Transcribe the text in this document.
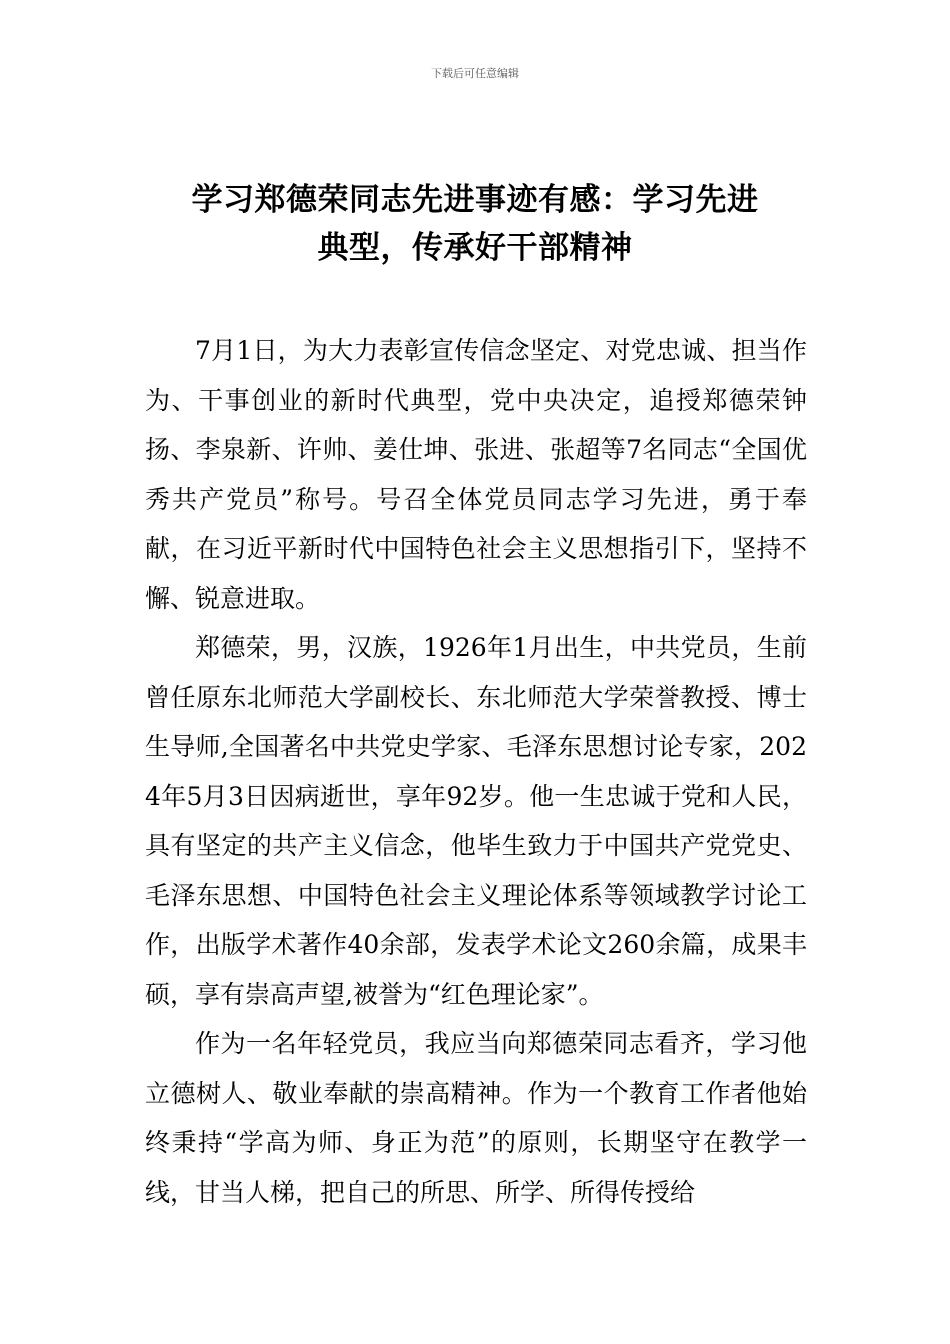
下载后可任意编辑
学习郑德荣同志先进事迹有感：学习先进
典型，传承好干部精神

7月1日，为大力表彰宣传信念坚定、对党忠诚、担当作为、干事创业的新时代典型，党中央决定，追授郑德荣钟扬、李泉新、许帅、姜仕坤、张进、张超等7名同志“全国优秀共产党员”称号。号召全体党员同志学习先进，勇于奉献，在习近平新时代中国特色社会主义思想指引下，坚持不懈、锐意进取。

郑德荣，男，汉族，1926年1月出生，中共党员，生前曾任原东北师范大学副校长、东北师范大学荣誉教授、博士生导师,全国著名中共党史学家、毛泽东思想讨论专家，2024年5月3日因病逝世，享年92岁。他一生忠诚于党和人民，具有坚定的共产主义信念，他毕生致力于中国共产党党史、毛泽东思想、中国特色社会主义理论体系等领域教学讨论工作，出版学术著作40余部，发表学术论文260余篇，成果丰硕，享有崇高声望,被誉为“红色理论家”。

作为一名年轻党员，我应当向郑德荣同志看齐，学习他立德树人、敬业奉献的崇高精神。作为一个教育工作者他始终秉持“学高为师、身正为范”的原则，长期坚守在教学一线，甘当人梯，把自己的所思、所学、所得传授给
